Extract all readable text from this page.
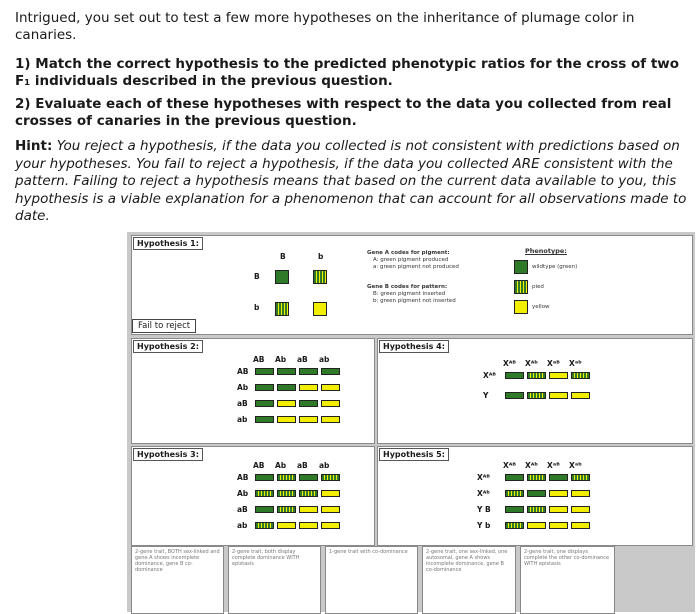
Intrigued, you set out to test a few more hypotheses on the inheritance of plumage color in canaries.
1) Match the correct hypothesis to the predicted phenotypic ratios for the cross of two F₁ individuals described in the previous question.
2) Evaluate each of these hypotheses with respect to the data you collected from real crosses of canaries in the previous question.
Hint: You reject a hypothesis, if the data you collected is not consistent with predictions based on your hypotheses. You fail to reject a hypothesis, if the data you collected ARE consistent with the pattern. Failing to reject a hypothesis means that based on the current data available to you, this hypothesis is a viable explanation for a phenomenon that can account for all observations made to date.
Hypothesis 1:
B	b
B
b
Gene A codes for pigment:
A: green pigment produced
a: green pigment not produced
Gene B codes for pattern:
B: green pigment inserted
b: green pigment not inserted
Phenotype:
wildtype (green)
pied
yellow
Hypothesis 2:
AB Ab aB ab
AB
Ab
aB
ab
Hypothesis 4:
Xᴬᴮ Xᴬᵇ Xᵃᴮ Xᵃᵇ
Xᴬᴮ
Y
Hypothesis 3:
AB Ab aB ab
AB
Ab
aB
ab
Hypothesis 5:
Xᴬᴮ Xᴬᵇ Xᵃᴮ Xᵃᵇ
Xᴬᴮ
Xᴬᵇ
Y B
Y b
Fail to reject
2-gene trait, BOTH sex-linked and gene A shows incomplete dominance, gene B co-dominance
2-gene trait, both display complete dominance WITH epistasis
1-gene trait with co-dominance	2-gene trait, one sex-linked, one autosomal, gene A shows incomplete dominance, gene B co-dominance
2-gene trait, one displays complete the other co-dominance WITH epistasis
